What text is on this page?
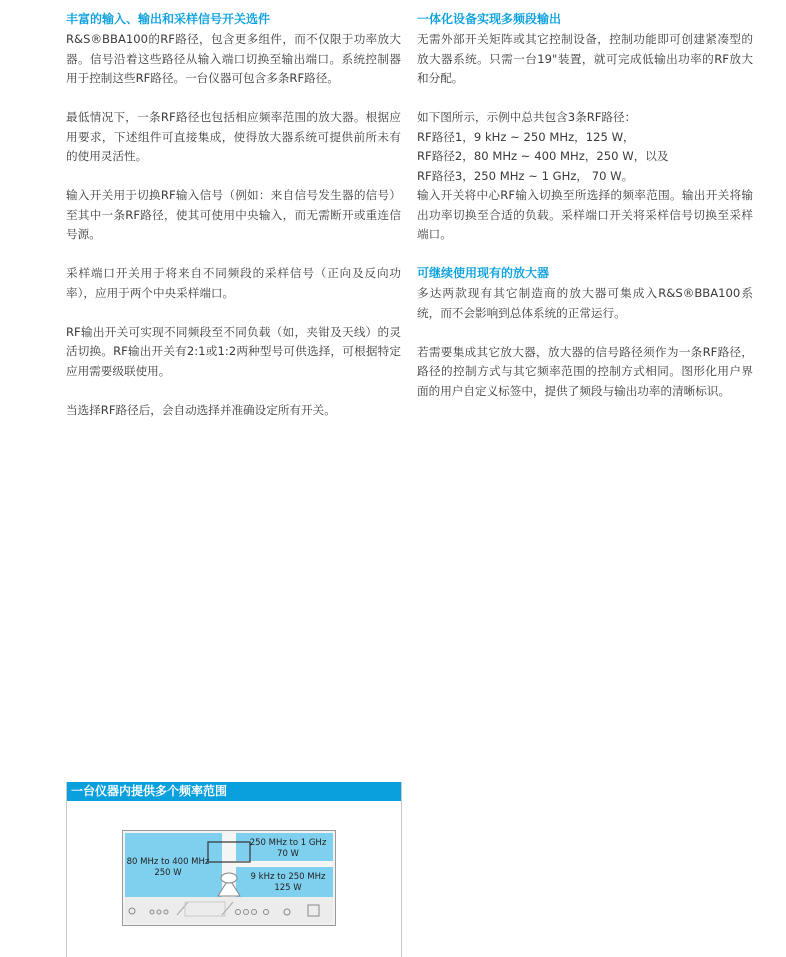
丰富的输入、输出和采样信号开关选件

R&S®BBA100的RF路径，包含更多组件，而不仅限于功率放大器。信号沿着这些路径从输入端口切换至输出端口。系统控制器用于控制这些RF路径。一台仪器可包含多条RF路径。

最低情况下，一条RF路径也包括相应频率范围的放大器。根据应用要求，下述组件可直接集成，使得放大器系统可提供前所未有的使用灵活性。

输入开关用于切换RF输入信号（例如：来自信号发生器的信号）至其中一条RF路径，使其可使用中央输入，而无需断开或重连信号源。

采样端口开关用于将来自不同频段的采样信号（正向及反向功率），应用于两个中央采样端口。

RF输出开关可实现不同频段至不同负载（如，夹钳及天线）的灵活切换。RF输出开关有2:1或1:2两种型号可供选择，可根据特定应用需要级联使用。

当选择RF路径后，会自动选择并准确设定所有开关。

一体化设备实现多频段输出

无需外部开关矩阵或其它控制设备，控制功能即可创建紧凑型的放大器系统。只需一台19"装置，就可完成低输出功率的RF放大和分配。

如下图所示，示例中总共包含3条RF路径：
RF路径1，9 kHz ~ 250 MHz，125 W，
RF路径2，80 MHz ~ 400 MHz，250 W，以及
RF路径3，250 MHz ~ 1 GHz， 70 W。

输入开关将中心RF输入切换至所选择的频率范围。输出开关将输出功率切换至合适的负载。采样端口开关将采样信号切换至采样端口。

可继续使用现有的放大器

多达两款现有其它制造商的放大器可集成入R&S®BBA100系统，而不会影响到总体系统的正常运行。

若需要集成其它放大器，放大器的信号路径须作为一条RF路径，路径的控制方式与其它频率范围的控制方式相同。图形化用户界面的用户自定义标签中，提供了频段与输出功率的清晰标识。

一台仪器内提供多个频率范围
250 MHz to 1 GHz
70 W
80 MHz to 400 MHz
250 W	9 kHz to 250 MHz
125 W
